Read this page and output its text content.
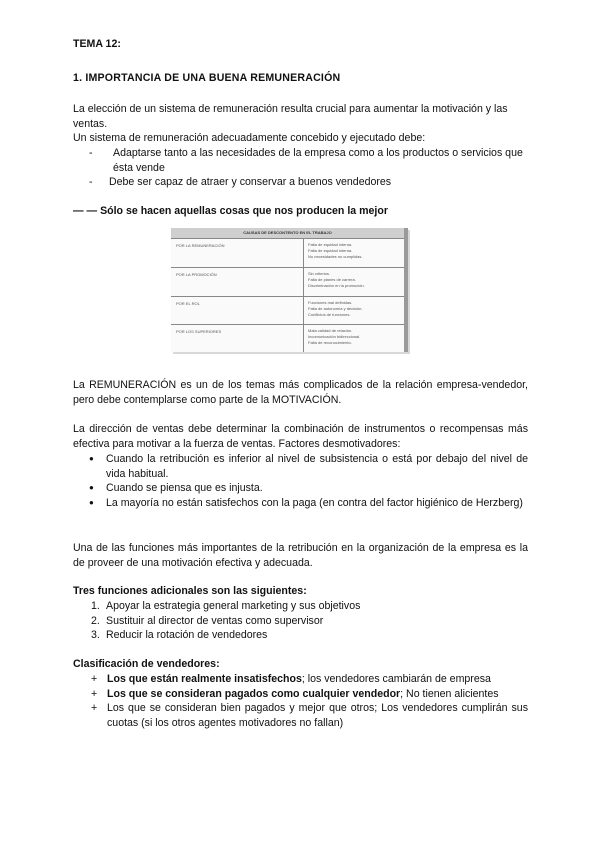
TEMA 12:
1. IMPORTANCIA DE UNA BUENA REMUNERACIÓN
La elección de un sistema de remuneración resulta crucial para aumentar la motivación y las ventas.
Un sistema de remuneración adecuadamente concebido y ejecutado debe:
-	Adaptarse tanto a las necesidades de la empresa como a los productos o servicios que ésta vende
- Debe ser capaz de atraer y conservar a buenos vendedores
— — Sólo se hacen aquellas cosas que nos producen la mejor
CAUSAS DE DESCONTENTO EN EL TRABAJO
POR LA REMUNERACIÓN	Falta de equidad interna.
Falta de equidad interna.
No necesidades no cumplidas.
POR LA PROMOCIÓN	Sin criterios.
Falta de planes de carrera.
Discriminación en la promoción.
POR EL ROL	Funciones mal definidas.
Falta de autonomía y decisión.
Conflictos de funciones.
POR LOS SUPERIORES	Mala calidad de relación.
Incomunicación bidireccional.
Falta de reconocimiento.
La REMUNERACIÓN es un de los temas más complicados de la relación empresa-vendedor, pero debe contemplarse como parte de la MOTIVACIÓN.
La dirección de ventas debe determinar la combinación de instrumentos o recompensas más efectiva para motivar a la fuerza de ventas. Factores desmotivadores:
● Cuando la retribución es inferior al nivel de subsistencia o está por debajo del nivel de vida habitual.
● Cuando se piensa que es injusta.
● La mayoría no están satisfechos con la paga (en contra del factor higiénico de Herzberg)
Una de las funciones más importantes de la retribución en la organización de la empresa es la de proveer de una motivación efectiva y adecuada.
Tres funciones adicionales son las siguientes:
1. Apoyar la estrategia general marketing y sus objetivos
2. Sustituir al director de ventas como supervisor
3. Reducir la rotación de vendedores
Clasificación de vendedores:
+ Los que están realmente insatisfechos; los vendedores cambiarán de empresa
+ Los que se consideran pagados como cualquier vendedor; No tienen alicientes
+ Los que se consideran bien pagados y mejor que otros; Los vendedores cumplirán sus cuotas (si los otros agentes motivadores no fallan)
